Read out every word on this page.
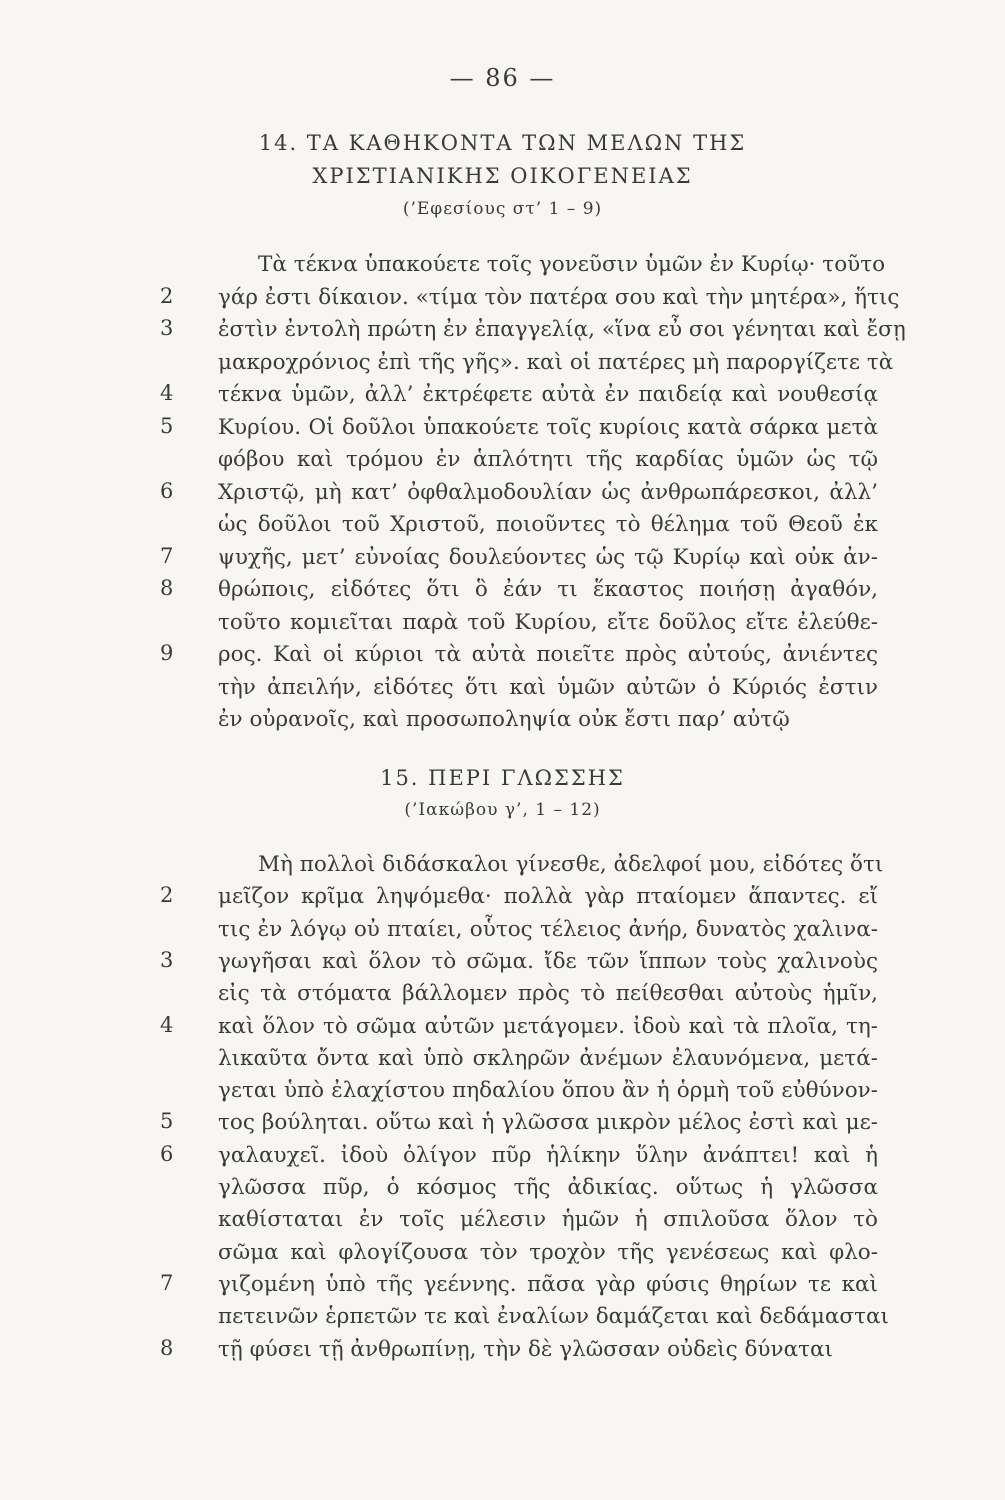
— 86 —
14. ΤΑ ΚΑΘΗΚΟΝΤΑ ΤΩΝ ΜΕΛΩΝ ΤΗΣ
ΧΡΙΣΤΙΑΝΙΚΗΣ ΟΙΚΟΓΕΝΕΙΑΣ
(’Εφεσίους στ’ 1 – 9)
Τὰ τέκνα ὑπακούετε τοῖς γονεῦσιν ὑμῶν ἐν Κυρίῳ· τοῦτο
2 γάρ ἐστι δίκαιον. «τίμα τὸν πατέρα σου καὶ τὴν μητέρα», ἥτις
3 ἐστὶν ἐντολὴ πρώτη ἐν ἐπαγγελίᾳ, «ἵνα εὖ σοι γένηται καὶ ἔσῃ
μακροχρόνιος ἐπὶ τῆς γῆς». καὶ οἱ πατέρες μὴ παροργίζετε τὰ
4 τέκνα ὑμῶν, ἀλλ’ ἐκτρέφετε αὐτὰ ἐν παιδείᾳ καὶ νουθεσίᾳ
5 Κυρίου. Οἱ δοῦλοι ὑπακούετε τοῖς κυρίοις κατὰ σάρκα μετὰ
φόβου καὶ τρόμου ἐν ἁπλότητι τῆς καρδίας ὑμῶν ὡς τῷ
6 Χριστῷ, μὴ κατ’ ὀφθαλμοδουλίαν ὡς ἀνθρωπάρεσκοι, ἀλλ’
ὡς δοῦλοι τοῦ Χριστοῦ, ποιοῦντες τὸ θέλημα τοῦ Θεοῦ ἐκ
7 ψυχῆς, μετ’ εὐνοίας δουλεύοντες ὡς τῷ Κυρίῳ καὶ οὐκ ἀν-
8 θρώποις, εἰδότες ὅτι ὃ ἐάν τι ἕκαστος ποιήσῃ ἀγαθόν,
τοῦτο κομιεῖται παρὰ τοῦ Κυρίου, εἴτε δοῦλος εἴτε ἐλεύθε-
9 ρος. Καὶ οἱ κύριοι τὰ αὐτὰ ποιεῖτε πρὸς αὐτούς, ἀνιέντες
τὴν ἀπειλήν, εἰδότες ὅτι καὶ ὑμῶν αὐτῶν ὁ Κύριός ἐστιν
ἐν οὐρανοῖς, καὶ προσωποληψία οὐκ ἔστι παρ’ αὐτῷ
15. ΠΕΡΙ ΓΛΩΣΣΗΣ
(’Ιακώβου γ’, 1 – 12)
Μὴ πολλοὶ διδάσκαλοι γίνεσθε, ἀδελφοί μου, εἰδότες ὅτι
2 μεῖζον κρῖμα ληψόμεθα· πολλὰ γὰρ πταίομεν ἅπαντες. εἴ
τις ἐν λόγῳ οὐ πταίει, οὗτος τέλειος ἀνήρ, δυνατὸς χαλινα-
3 γωγῆσαι καὶ ὅλον τὸ σῶμα. ἴδε τῶν ἵππων τοὺς χαλινοὺς
εἰς τὰ στόματα βάλλομεν πρὸς τὸ πείθεσθαι αὐτοὺς ἡμῖν,
4 καὶ ὅλον τὸ σῶμα αὐτῶν μετάγομεν. ἰδοὺ καὶ τὰ πλοῖα, τη-
λικαῦτα ὄντα καὶ ὑπὸ σκληρῶν ἀνέμων ἐλαυνόμενα, μετά-
γεται ὑπὸ ἐλαχίστου πηδαλίου ὅπου ἂν ἡ ὁρμὴ τοῦ εὐθύνον-
5 τος βούληται. οὕτω καὶ ἡ γλῶσσα μικρὸν μέλος ἐστὶ καὶ με-
6 γαλαυχεῖ. ἰδοὺ ὀλίγον πῦρ ἡλίκην ὕλην ἀνάπτει! καὶ ἡ
γλῶσσα πῦρ, ὁ κόσμος τῆς ἀδικίας. οὕτως ἡ γλῶσσα
καθίσταται ἐν τοῖς μέλεσιν ἡμῶν ἡ σπιλοῦσα ὅλον τὸ
σῶμα καὶ φλογίζουσα τὸν τροχὸν τῆς γενέσεως καὶ φλο-
7 γιζομένη ὑπὸ τῆς γεέννης. πᾶσα γὰρ φύσις θηρίων τε καὶ
πετεινῶν ἑρπετῶν τε καὶ ἐναλίων δαμάζεται καὶ δεδάμασται
8 τῇ φύσει τῇ ἀνθρωπίνῃ, τὴν δὲ γλῶσσαν οὐδεὶς δύναται
